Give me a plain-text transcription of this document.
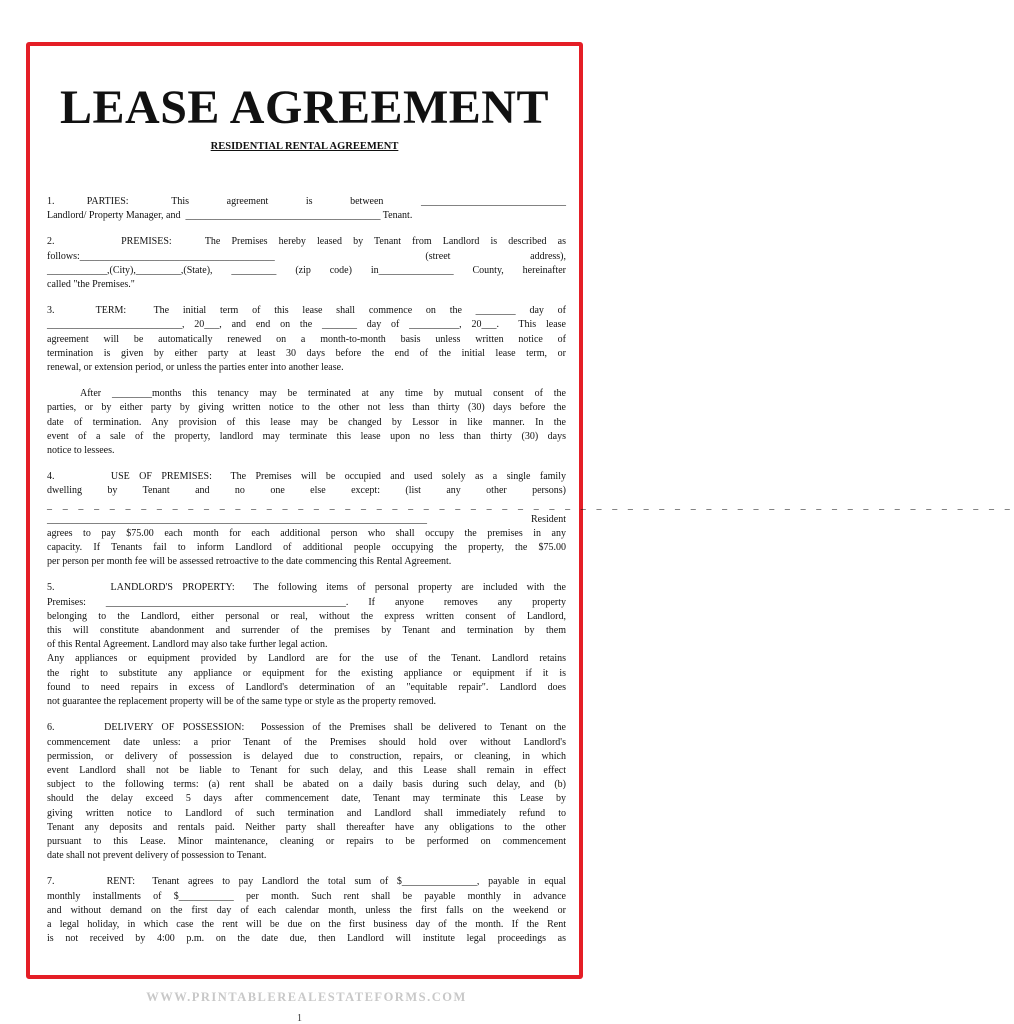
LEASE AGREEMENT

RESIDENTIAL RENTAL AGREEMENT

1.      PARTIES:        This       agreement       is       between       _____________________________
Landlord/ Property Manager, and  _______________________________________ Tenant.
2.      PREMISES:   The Premises hereby leased by Tenant from Landlord is described as
follows:_______________________________________                                  (street                  address),
____________,(City),_________,(State), _________ (zip code) in_______________ County, hereinafter
called "the Premises."
3.      TERM:    The  initial  term  of  this  lease  shall  commence  on  the  ________  day  of
___________________________, 20___, and end on the _______ day of __________, 20___.  This lease
agreement will be automatically renewed on a month-to-month basis unless written notice of
termination is given by either party at least 30 days before the end of the initial lease term, or
renewal, or extension period, or unless the parties enter into another lease.
After ________months this tenancy may be terminated at any time by mutual consent of the
parties, or by either party by giving written notice to the other not less than thirty (30) days before the
date of termination. Any provision of this lease may be changed by Lessor in like manner. In the
event of a sale of the property, landlord may terminate this lease upon no less than thirty (30) days
notice to lessees.
4.      USE OF PREMISES:  The Premises will be occupied and used solely as a single family
dwelling       by       Tenant       and       no       one       else       except:       (list       any       other       persons)
_ _ _ _ _ _ _ _ _ _ _ _ _ _ _ _ _ _ _ _ _ _ _ _ _ _ _ _ _ _ _ _ _ _ _ _ _ _ _ _ _ _ _ _ _ _ _ _ _ _ _ _ _ _ _ _ _ _ _ _ _ _
____________________________________________________________________________	Resident
agrees to pay $75.00 each month for each additional person who shall occupy the premises in any
capacity. If Tenants fail to inform Landlord of additional people occupying the property, the $75.00
per person per month fee will be assessed retroactive to the date commencing this Rental Agreement.
5.      LANDLORD'S PROPERTY:  The following items of personal property are included with the
Premises:  ________________________________________________.  If  anyone  removes  any  property
belonging to the Landlord, either personal or real, without the express written consent of Landlord,
this will constitute abandonment and surrender of the premises by Tenant and termination by them
of this Rental Agreement. Landlord may also take further legal action.
Any appliances or equipment provided by Landlord are for the use of the Tenant. Landlord retains
the right to substitute any appliance or equipment for the existing appliance or equipment if it is
found to need repairs in excess of Landlord's determination of an "equitable repair". Landlord does
not guarantee the replacement property will be of the same type or style as the property removed.
6.      DELIVERY OF POSSESSION:  Possession of the Premises shall be delivered to Tenant on the
commencement date unless: a prior Tenant of the Premises should hold over without Landlord's
permission, or delivery of possession is delayed due to construction, repairs, or cleaning, in which
event Landlord shall not be liable to Tenant for such delay, and this Lease shall remain in effect
subject to the following terms: (a) rent shall be abated on a daily basis during such delay, and (b)
should the delay exceed 5 days after commencement date, Tenant may terminate this Lease by
giving written notice to Landlord of such termination and Landlord shall immediately refund to
Tenant any deposits and rentals paid. Neither party shall thereafter have any obligations to the other
pursuant to this Lease. Minor maintenance, cleaning or repairs to be performed on commencement
date shall not prevent delivery of possession to Tenant.
7.      RENT:  Tenant agrees to pay Landlord the total sum of $_______________, payable in equal
monthly installments of $___________ per month. Such rent shall be payable monthly in advance
and without demand on the first day of each calendar month, unless the first falls on the weekend or
a legal holiday, in which case the rent will be due on the first business day of the month. If the Rent
is not received by 4:00 p.m. on the date due, then Landlord will institute legal proceedings as
WWW.PRINTABLEREALESTATEFORMS.COM
1
